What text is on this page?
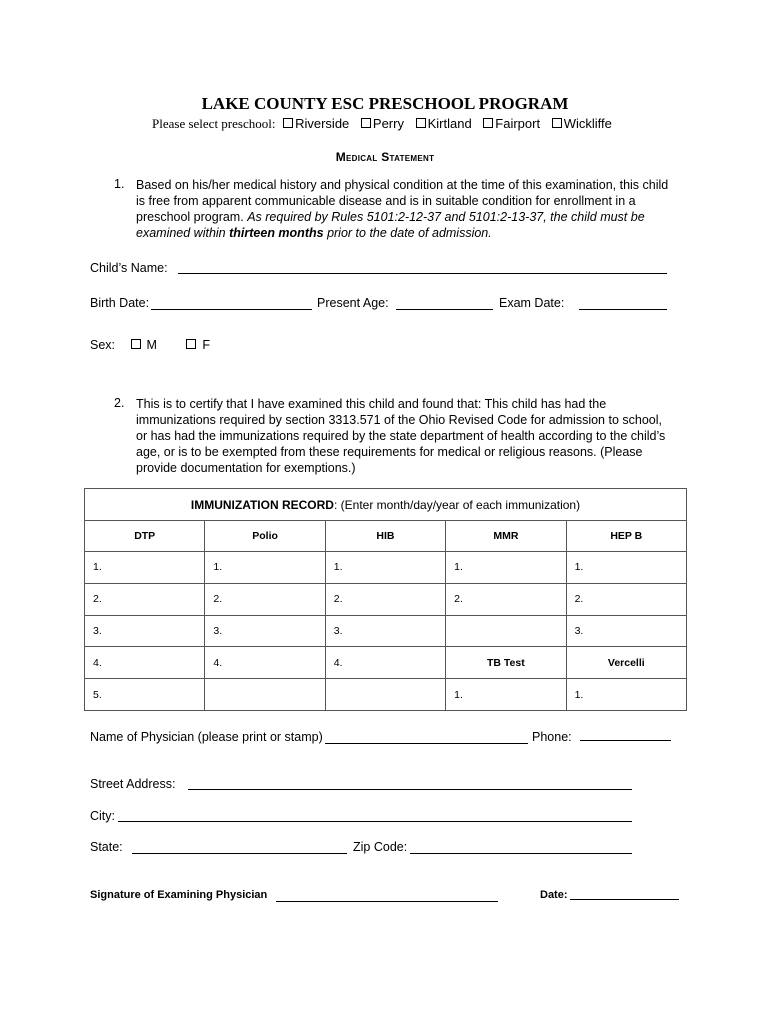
LAKE COUNTY ESC PRESCHOOL PROGRAM
Please select preschool: Riverside Perry Kirtland Fairport Wickliffe
Medical Statement
1. Based on his/her medical history and physical condition at the time of this examination, this child is free from apparent communicable disease and is in suitable condition for enrollment in a preschool program. As required by Rules 5101:2-12-37 and 5101:2-13-37, the child must be examined within thirteen months prior to the date of admission.
Child’s Name:
Birth Date:	Present Age:	Exam Date:
Sex:	M	F
2. This is to certify that I have examined this child and found that: This child has had the immunizations required by section 3313.571 of the Ohio Revised Code for admission to school, or has had the immunizations required by the state department of health according to the child’s age, or is to be exempted from these requirements for medical or religious reasons. (Please provide documentation for exemptions.)
IMMUNIZATION RECORD: (Enter month/day/year of each immunization)				
DTP	Polio	HIB	MMR	HEP B
1.	1.	1.	1.	1.
2.	2.	2.	2.	2.
3.	3.	3.		3.
4.	4.	4.	TB Test	Vercelli
5.			1.	1.
Name of Physician (please print or stamp)	Phone:
Street Address:
City:
State:	Zip Code:
Signature of Examining Physician	Date:
